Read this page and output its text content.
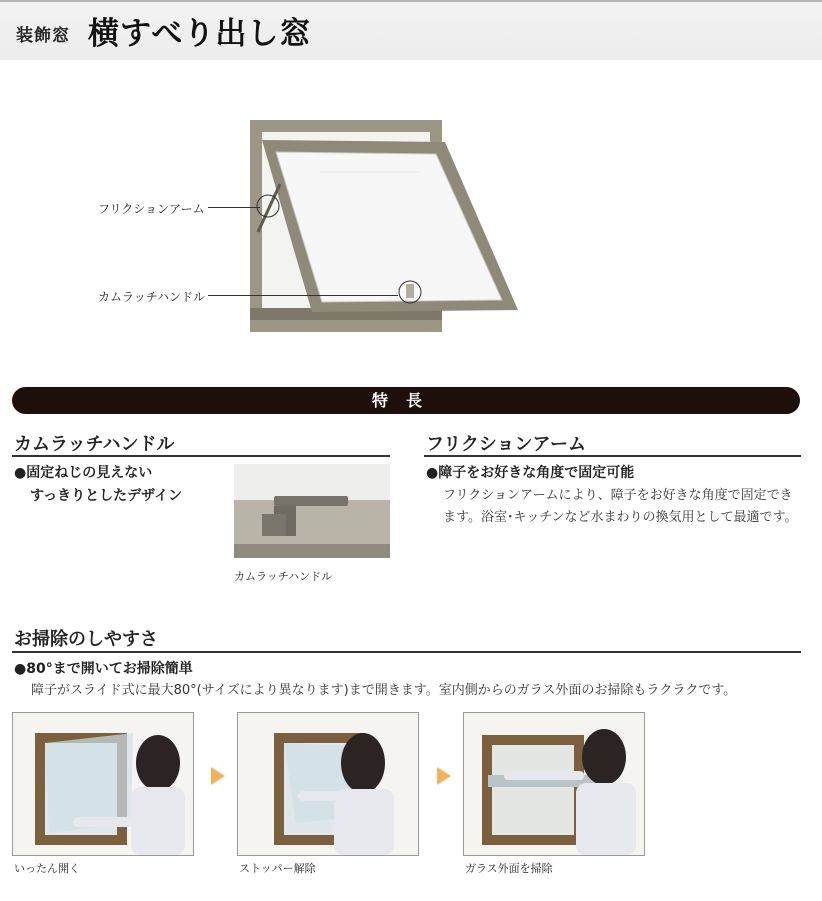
装飾窓 横すべり出し窓
フリクションアーム
カムラッチハンドル
特長
カムラッチハンドル
●固定ねじの見えない
すっきりとしたデザイン
カムラッチハンドル
フリクションアーム
●障子をお好きな角度で固定可能
フリクションアームにより、障子をお好きな角度で固定でき
ます。浴室･キッチンなど水まわりの換気用として最適です。
お掃除のしやすさ
●80°まで開いてお掃除簡単
障子がスライド式に最大80°(サイズにより異なります)まで開きます。室内側からのガラス外面のお掃除もラクラクです。
いったん開く	ストッパー解除	ガラス外面を掃除
